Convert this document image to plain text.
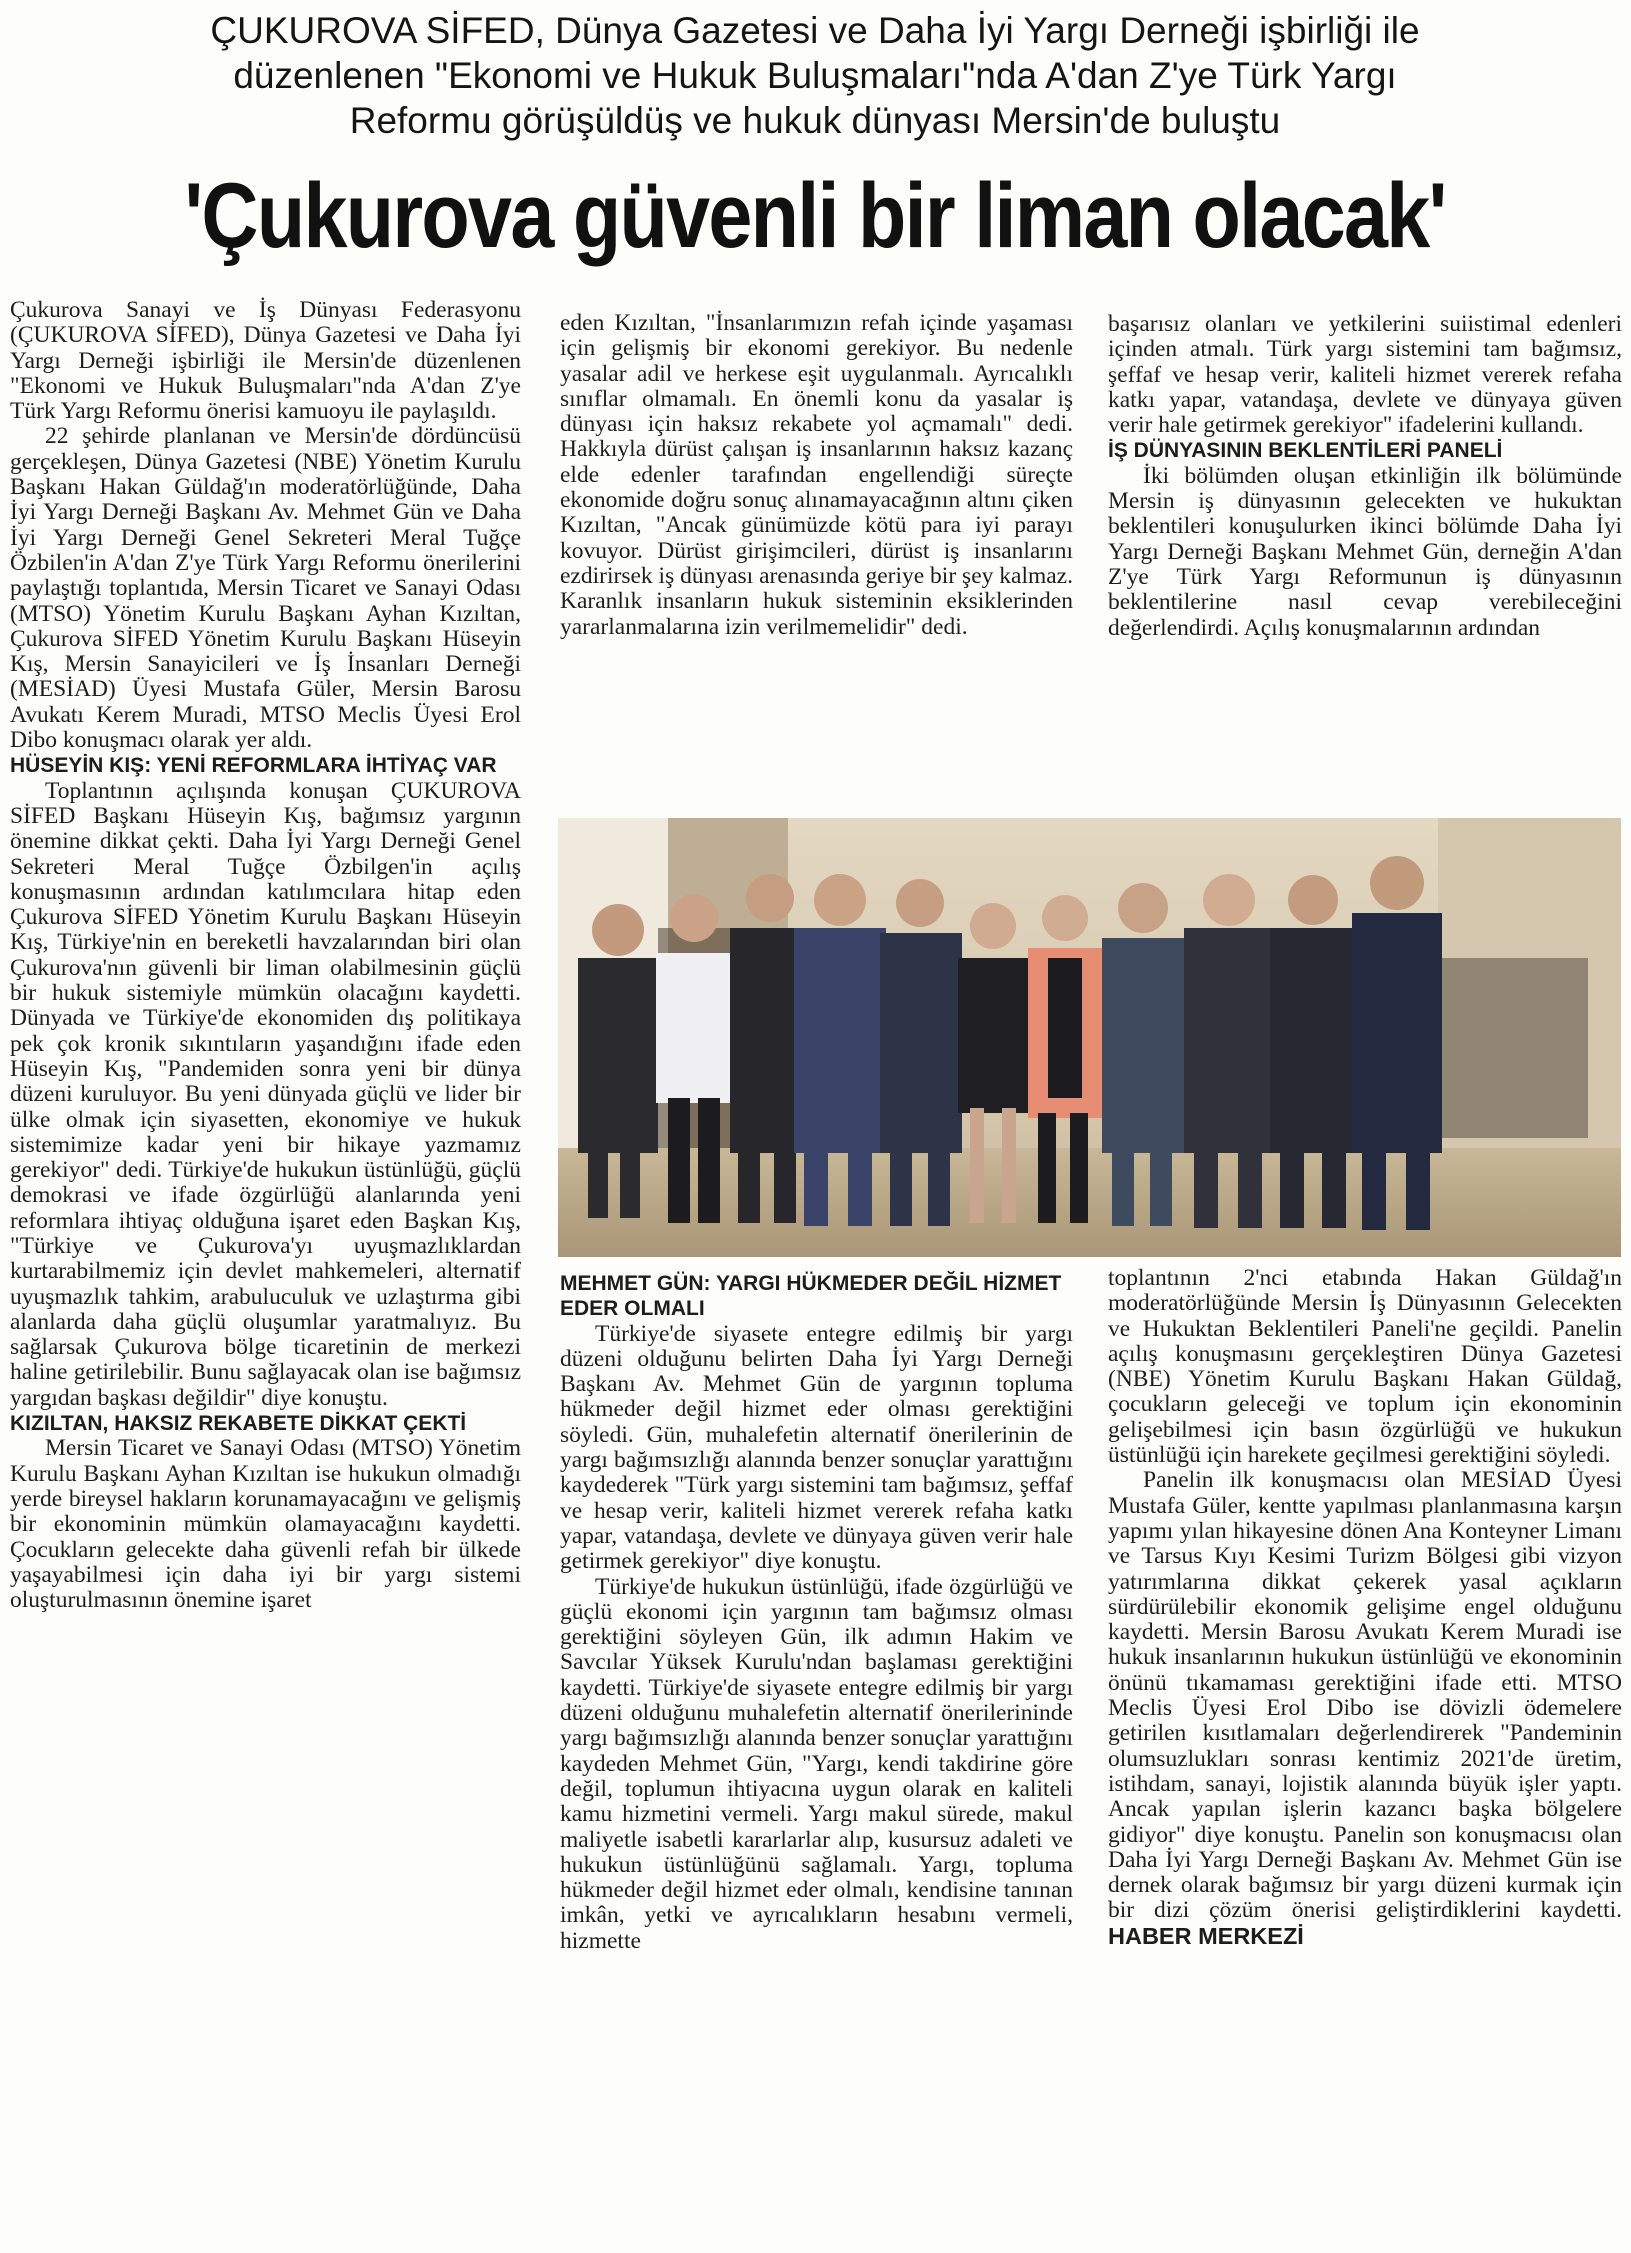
ÇUKUROVA SİFED, Dünya Gazetesi ve Daha İyi Yargı Derneği işbirliği ile
düzenlenen "Ekonomi ve Hukuk Buluşmaları"nda A'dan Z'ye Türk Yargı
Reformu görüşüldüş ve hukuk dünyası Mersin'de buluştu
'Çukurova güvenli bir liman olacak'

Çukurova Sanayi ve İş Dünyası Federasyonu (ÇUKUROVA SİFED), Dünya Gazetesi ve Daha İyi Yargı Derneği işbirliği ile Mersin'de düzenlenen "Ekonomi ve Hukuk Buluşmaları"nda A'dan Z'ye Türk Yargı Reformu önerisi kamuoyu ile paylaşıldı.

22 şehirde planlanan ve Mersin'de dördüncüsü gerçekleşen, Dünya Gazetesi (NBE) Yönetim Kurulu Başkanı Hakan Güldağ'ın moderatörlüğünde, Daha İyi Yargı Derneği Başkanı Av. Mehmet Gün ve Daha İyi Yargı Derneği Genel Sekreteri Meral Tuğçe Özbilen'in A'dan Z'ye Türk Yargı Reformu önerilerini paylaştığı toplantıda, Mersin Ticaret ve Sanayi Odası (MTSO) Yönetim Kurulu Başkanı Ayhan Kızıltan, Çukurova SİFED Yönetim Kurulu Başkanı Hüseyin Kış, Mersin Sanayicileri ve İş İnsanları Derneği (MESİAD) Üyesi Mustafa Güler, Mersin Barosu Avukatı Kerem Muradi, MTSO Meclis Üyesi Erol Dibo konuşmacı olarak yer aldı.

HÜSEYİN KIŞ: YENİ REFORMLARA İHTİYAÇ VAR

Toplantının açılışında konuşan ÇUKUROVA SİFED Başkanı Hüseyin Kış, bağımsız yargının önemine dikkat çekti. Daha İyi Yargı Derneği Genel Sekreteri Meral Tuğçe Özbilgen'in açılış konuşmasının ardından katılımcılara hitap eden Çukurova SİFED Yönetim Kurulu Başkanı Hüseyin Kış, Türkiye'nin en bereketli havzalarından biri olan Çukurova'nın güvenli bir liman olabilmesinin güçlü bir hukuk sistemiyle mümkün olacağını kaydetti. Dünyada ve Türkiye'de ekonomiden dış politikaya pek çok kronik sıkıntıların yaşandığını ifade eden Hüseyin Kış, "Pandemiden sonra yeni bir dünya düzeni kuruluyor. Bu yeni dünyada güçlü ve lider bir ülke olmak için siyasetten, ekonomiye ve hukuk sistemimize kadar yeni bir hikaye yazmamız gerekiyor" dedi. Türkiye'de hukukun üstünlüğü, güçlü demokrasi ve ifade özgürlüğü alanlarında yeni reformlara ihtiyaç olduğuna işaret eden Başkan Kış, "Türkiye ve Çukurova'yı uyuşmazlıklardan kurtarabilmemiz için devlet mahkemeleri, alternatif uyuşmazlık tahkim, arabuluculuk ve uzlaştırma gibi alanlarda daha güçlü oluşumlar yaratmalıyız. Bu sağlarsak Çukurova bölge ticaretinin de merkezi haline getirilebilir. Bunu sağlayacak olan ise bağımsız yargıdan başkası değildir" diye konuştu.

KIZILTAN, HAKSIZ REKABETE DİKKAT ÇEKTİ

Mersin Ticaret ve Sanayi Odası (MTSO) Yönetim Kurulu Başkanı Ayhan Kızıltan ise hukukun olmadığı yerde bireysel hakların korunamayacağını ve gelişmiş bir ekonominin mümkün olamayacağını kaydetti. Çocukların gelecekte daha güvenli refah bir ülkede yaşayabilmesi için daha iyi bir yargı sistemi oluşturulmasının önemine işaret

eden Kızıltan, "İnsanlarımızın refah içinde yaşaması için gelişmiş bir ekonomi gerekiyor. Bu nedenle yasalar adil ve herkese eşit uygulanmalı. Ayrıcalıklı sınıflar olmamalı. En önemli konu da yasalar iş dünyası için haksız rekabete yol açmamalı" dedi. Hakkıyla dürüst çalışan iş insanlarının haksız kazanç elde edenler tarafından engellendiği süreçte ekonomide doğru sonuç alınamayacağının altını çiken Kızıltan, "Ancak günümüzde kötü para iyi parayı kovuyor. Dürüst girişimcileri, dürüst iş insanlarını ezdirirsek iş dünyası arenasında geriye bir şey kalmaz. Karanlık insanların hukuk sisteminin eksiklerinden yararlanmalarına izin verilmemelidir" dedi.

başarısız olanları ve yetkilerini suiistimal edenleri içinden atmalı. Türk yargı sistemini tam bağımsız, şeffaf ve hesap verir, kaliteli hizmet vererek refaha katkı yapar, vatandaşa, devlete ve dünyaya güven verir hale getirmek gerekiyor" ifadelerini kullandı.

İŞ DÜNYASININ BEKLENTİLERİ PANELİ

İki bölümden oluşan etkinliğin ilk bölümünde Mersin iş dünyasının gelecekten ve hukuktan beklentileri konuşulurken ikinci bölümde Daha İyi Yargı Derneği Başkanı Mehmet Gün, derneğin A'dan Z'ye Türk Yargı Reformunun iş dünyasının beklentilerine nasıl cevap verebileceğini değerlendirdi. Açılış konuşmalarının ardından

MEHMET GÜN: YARGI HÜKMEDER DEĞİL HİZMET EDER OLMALI

Türkiye'de siyasete entegre edilmiş bir yargı düzeni olduğunu belirten Daha İyi Yargı Derneği Başkanı Av. Mehmet Gün de yargının topluma hükmeder değil hizmet eder olması gerektiğini söyledi. Gün, muhalefetin alternatif önerilerinin de yargı bağımsızlığı alanında benzer sonuçlar yarattığını kaydederek "Türk yargı sistemini tam bağımsız, şeffaf ve hesap verir, kaliteli hizmet vererek refaha katkı yapar, vatandaşa, devlete ve dünyaya güven verir hale getirmek gerekiyor" diye konuştu.

Türkiye'de hukukun üstünlüğü, ifade özgürlüğü ve güçlü ekonomi için yargının tam bağımsız olması gerektiğini söyleyen Gün, ilk adımın Hakim ve Savcılar Yüksek Kurulu'ndan başlaması gerektiğini kaydetti. Türkiye'de siyasete entegre edilmiş bir yargı düzeni olduğunu muhalefetin alternatif önerilerininde yargı bağımsızlığı alanında benzer sonuçlar yarattığını kaydeden Mehmet Gün, "Yargı, kendi takdirine göre değil, toplumun ihtiyacına uygun olarak en kaliteli kamu hizmetini vermeli. Yargı makul sürede, makul maliyetle isabetli kararlarlar alıp, kusursuz adaleti ve hukukun üstünlüğünü sağlamalı. Yargı, topluma hükmeder değil hizmet eder olmalı, kendisine tanınan imkân, yetki ve ayrıcalıkların hesabını vermeli, hizmette

toplantının 2'nci etabında Hakan Güldağ'ın moderatörlüğünde Mersin İş Dünyasının Gelecekten ve Hukuktan Beklentileri Paneli'ne geçildi. Panelin açılış konuşmasını gerçekleştiren Dünya Gazetesi (NBE) Yönetim Kurulu Başkanı Hakan Güldağ, çocukların geleceği ve toplum için ekonominin gelişebilmesi için basın özgürlüğü ve hukukun üstünlüğü için harekete geçilmesi gerektiğini söyledi.

Panelin ilk konuşmacısı olan MESİAD Üyesi Mustafa Güler, kentte yapılması planlanmasına karşın yapımı yılan hikayesine dönen Ana Konteyner Limanı ve Tarsus Kıyı Kesimi Turizm Bölgesi gibi vizyon yatırımlarına dikkat çekerek yasal açıkların sürdürülebilir ekonomik gelişime engel olduğunu kaydetti. Mersin Barosu Avukatı Kerem Muradi ise hukuk insanlarının hukukun üstünlüğü ve ekonominin önünü tıkamaması gerektiğini ifade etti. MTSO Meclis Üyesi Erol Dibo ise dövizli ödemelere getirilen kısıtlamaları değerlendirerek "Pandeminin olumsuzlukları sonrası kentimiz 2021'de üretim, istihdam, sanayi, lojistik alanında büyük işler yaptı. Ancak yapılan işlerin kazancı başka bölgelere gidiyor" diye konuştu. Panelin son konuşmacısı olan Daha İyi Yargı Derneği Başkanı Av. Mehmet Gün ise dernek olarak bağımsız bir yargı düzeni kurmak için bir dizi çözüm önerisi geliştirdiklerini kaydetti. HABER MERKEZİ
